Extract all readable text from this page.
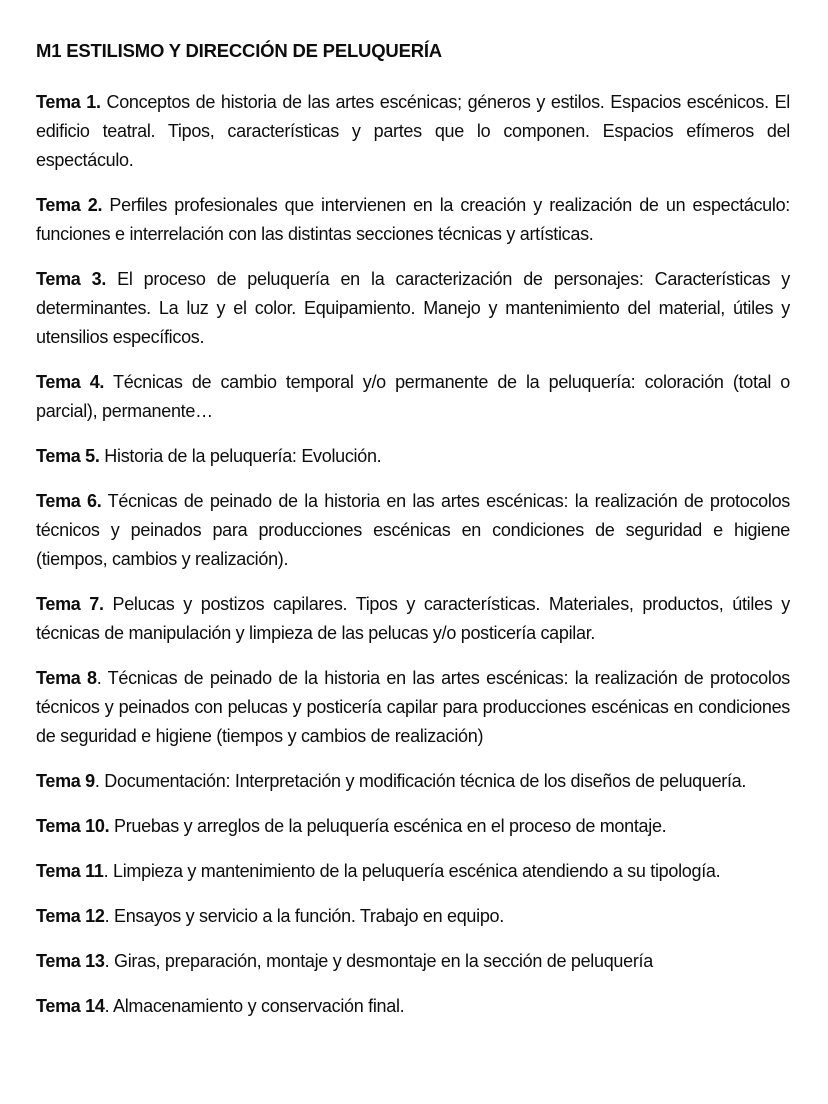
M1 ESTILISMO Y DIRECCIÓN DE PELUQUERÍA

Tema 1. Conceptos de historia de las artes escénicas; géneros y estilos. Espacios escénicos. El edificio teatral. Tipos, características y partes que lo componen. Espacios efímeros del espectáculo.

Tema 2. Perfiles profesionales que intervienen en la creación y realización de un espectáculo: funciones e interrelación con las distintas secciones técnicas y artísticas.

Tema 3. El proceso de peluquería en la caracterización de personajes: Características y determinantes. La luz y el color. Equipamiento. Manejo y mantenimiento del material, útiles y utensilios específicos.

Tema 4. Técnicas de cambio temporal y/o permanente de la peluquería: coloración (total o parcial), permanente…

Tema 5. Historia de la peluquería: Evolución.

Tema 6. Técnicas de peinado de la historia en las artes escénicas: la realización de protocolos técnicos y peinados para producciones escénicas en condiciones de seguridad e higiene (tiempos, cambios y realización).

Tema 7. Pelucas y postizos capilares. Tipos y características. Materiales, productos, útiles y técnicas de manipulación y limpieza de las pelucas y/o posticería capilar.

Tema 8. Técnicas de peinado de la historia en las artes escénicas: la realización de protocolos técnicos y peinados con pelucas y posticería capilar para producciones escénicas en condiciones de seguridad e higiene (tiempos y cambios de realización)

Tema 9. Documentación: Interpretación y modificación técnica de los diseños de peluquería.

Tema 10. Pruebas y arreglos de la peluquería escénica en el proceso de montaje.

Tema 11. Limpieza y mantenimiento de la peluquería escénica atendiendo a su tipología.

Tema 12. Ensayos y servicio a la función. Trabajo en equipo.

Tema 13. Giras, preparación, montaje y desmontaje en la sección de peluquería

Tema 14. Almacenamiento y conservación final.
